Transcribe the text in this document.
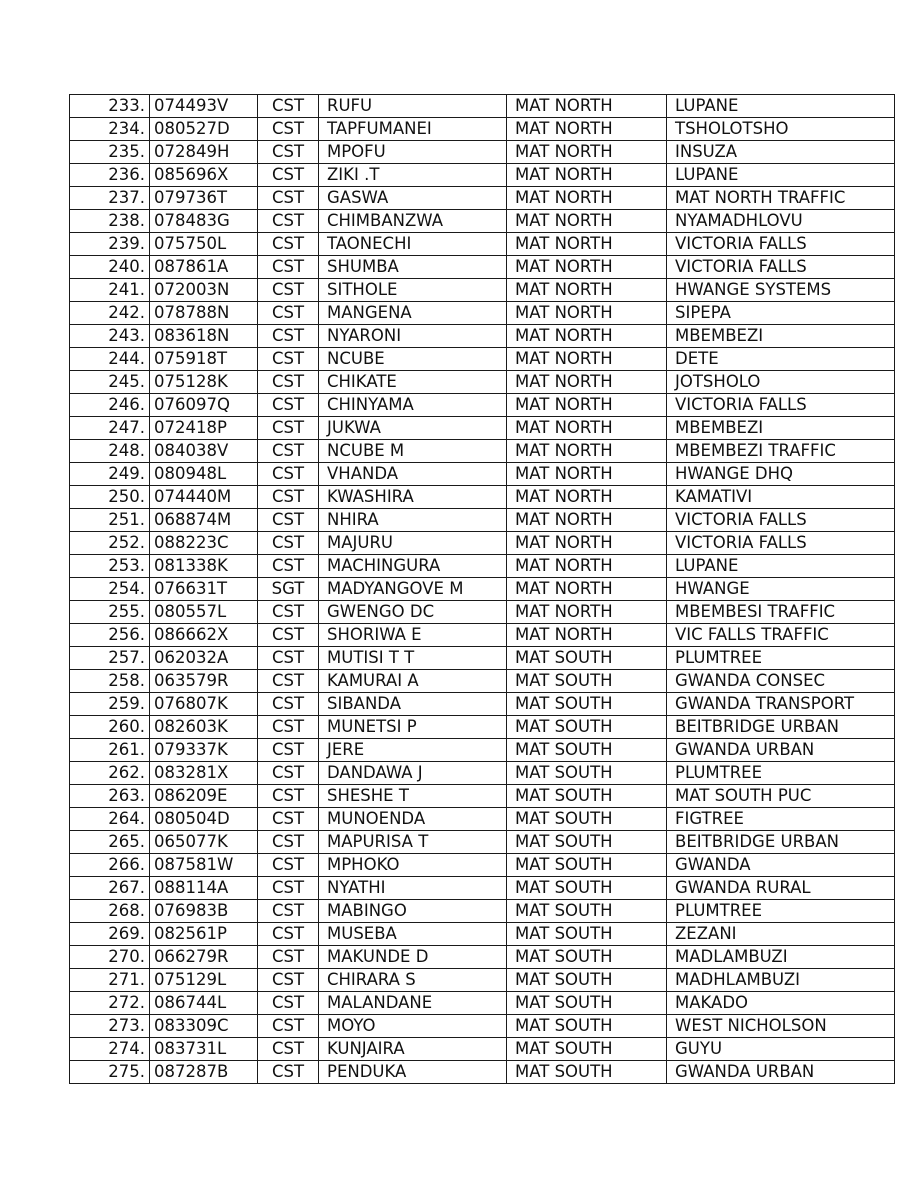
233.	074493V	CST	RUFU	MAT NORTH	LUPANE
234.	080527D	CST	TAPFUMANEI	MAT NORTH	TSHOLOTSHO
235.	072849H	CST	MPOFU	MAT NORTH	INSUZA
236.	085696X	CST	ZIKI .T	MAT NORTH	LUPANE
237.	079736T	CST	GASWA	MAT NORTH	MAT NORTH TRAFFIC
238.	078483G	CST	CHIMBANZWA	MAT NORTH	NYAMADHLOVU
239.	075750L	CST	TAONECHI	MAT NORTH	VICTORIA FALLS
240.	087861A	CST	SHUMBA	MAT NORTH	VICTORIA FALLS
241.	072003N	CST	SITHOLE	MAT NORTH	HWANGE SYSTEMS
242.	078788N	CST	MANGENA	MAT NORTH	SIPEPA
243.	083618N	CST	NYARONI	MAT NORTH	MBEMBEZI
244.	075918T	CST	NCUBE	MAT NORTH	DETE
245.	075128K	CST	CHIKATE	MAT NORTH	JOTSHOLO
246.	076097Q	CST	CHINYAMA	MAT NORTH	VICTORIA FALLS
247.	072418P	CST	JUKWA	MAT NORTH	MBEMBEZI
248.	084038V	CST	NCUBE M	MAT NORTH	MBEMBEZI TRAFFIC
249.	080948L	CST	VHANDA	MAT NORTH	HWANGE DHQ
250.	074440M	CST	KWASHIRA	MAT NORTH	KAMATIVI
251.	068874M	CST	NHIRA	MAT NORTH	VICTORIA FALLS
252.	088223C	CST	MAJURU	MAT NORTH	VICTORIA FALLS
253.	081338K	CST	MACHINGURA	MAT NORTH	LUPANE
254.	076631T	SGT	MADYANGOVE M	MAT NORTH	HWANGE
255.	080557L	CST	GWENGO DC	MAT NORTH	MBEMBESI TRAFFIC
256.	086662X	CST	SHORIWA E	MAT NORTH	VIC FALLS TRAFFIC
257.	062032A	CST	MUTISI T T	MAT SOUTH	PLUMTREE
258.	063579R	CST	KAMURAI A	MAT SOUTH	GWANDA CONSEC
259.	076807K	CST	SIBANDA	MAT SOUTH	GWANDA TRANSPORT
260.	082603K	CST	MUNETSI P	MAT SOUTH	BEITBRIDGE URBAN
261.	079337K	CST	JERE	MAT SOUTH	GWANDA URBAN
262.	083281X	CST	DANDAWA J	MAT SOUTH	PLUMTREE
263.	086209E	CST	SHESHE T	MAT SOUTH	MAT SOUTH PUC
264.	080504D	CST	MUNOENDA	MAT SOUTH	FIGTREE
265.	065077K	CST	MAPURISA T	MAT SOUTH	BEITBRIDGE URBAN
266.	087581W	CST	MPHOKO	MAT SOUTH	GWANDA
267.	088114A	CST	NYATHI	MAT SOUTH	GWANDA RURAL
268.	076983B	CST	MABINGO	MAT SOUTH	PLUMTREE
269.	082561P	CST	MUSEBA	MAT SOUTH	ZEZANI
270.	066279R	CST	MAKUNDE D	MAT SOUTH	MADLAMBUZI
271.	075129L	CST	CHIRARA S	MAT SOUTH	MADHLAMBUZI
272.	086744L	CST	MALANDANE	MAT SOUTH	MAKADO
273.	083309C	CST	MOYO	MAT SOUTH	WEST NICHOLSON
274.	083731L	CST	KUNJAIRA	MAT SOUTH	GUYU
275.	087287B	CST	PENDUKA	MAT SOUTH	GWANDA URBAN
